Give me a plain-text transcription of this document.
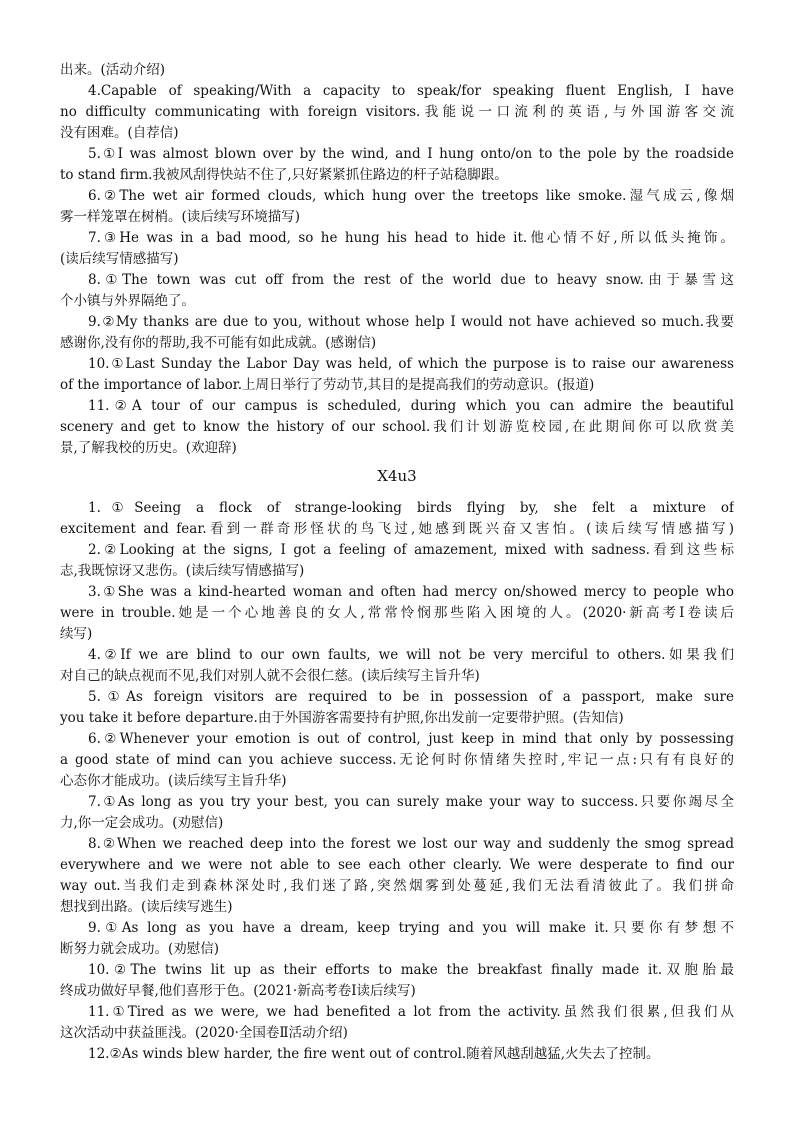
出来。(活动介绍)
4.Capable of speaking/With a capacity to speak/for speaking fluent English, I have
no difficulty communicating with foreign visitors.我能说一口流利的英语,与外国游客交流
没有困难。(自荐信)
5.①I was almost blown over by the wind, and I hung onto/on to the pole by the roadside
to stand firm.我被风刮得快站不住了,只好紧紧抓住路边的杆子站稳脚跟。
6.②The wet air formed clouds, which hung over the treetops like smoke.湿气成云,像烟
雾一样笼罩在树梢。(读后续写环境描写)
7.③He was in a bad mood, so he hung his head to hide it.他心情不好,所以低头掩饰。
(读后续写情感描写)
8.①The town was cut off from the rest of the world due to heavy snow.由于暴雪这
个小镇与外界隔绝了。
9.②My thanks are due to you, without whose help I would not have achieved so much.我要
感谢你,没有你的帮助,我不可能有如此成就。(感谢信)
10.①Last Sunday the Labor Day was held, of which the purpose is to raise our awareness
of the importance of labor.上周日举行了劳动节,其目的是提高我们的劳动意识。(报道)
11.②A tour of our campus is scheduled, during which you can admire the beautiful
scenery and get to know the history of our school.我们计划游览校园,在此期间你可以欣赏美
景,了解我校的历史。(欢迎辞)
X4u3
1.①Seeing a flock of strange-looking birds flying by, she felt a mixture of
excitement and fear.看到一群奇形怪状的鸟飞过,她感到既兴奋又害怕。(读后续写情感描写)
2.②Looking at the signs, I got a feeling of amazement, mixed with sadness.看到这些标
志,我既惊讶又悲伤。(读后续写情感描写)
3.①She was a kind-hearted woman and often had mercy on/showed mercy to people who
were in trouble.她是一个心地善良的女人,常常怜悯那些陷入困境的人。(2020·新高考Ⅰ卷读后
续写)
4.②If we are blind to our own faults, we will not be very merciful to others.如果我们
对自己的缺点视而不见,我们对别人就不会很仁慈。(读后续写主旨升华)
5.①As foreign visitors are required to be in possession of a passport, make sure
you take it before departure.由于外国游客需要持有护照,你出发前一定要带护照。(告知信)
6.②Whenever your emotion is out of control, just keep in mind that only by possessing
a good state of mind can you achieve success.无论何时你情绪失控时,牢记一点:只有有良好的
心态你才能成功。(读后续写主旨升华)
7.①As long as you try your best, you can surely make your way to success.只要你竭尽全
力,你一定会成功。(劝慰信)
8.②When we reached deep into the forest we lost our way and suddenly the smog spread
everywhere and we were not able to see each other clearly. We were desperate to find our
way out.当我们走到森林深处时,我们迷了路,突然烟雾到处蔓延,我们无法看清彼此了。我们拼命
想找到出路。(读后续写逃生)
9.①As long as you have a dream, keep trying and you will make it.只要你有梦想不
断努力就会成功。(劝慰信)
10.②The twins lit up as their efforts to make the breakfast finally made it.双胞胎最
终成功做好早餐,他们喜形于色。(2021·新高考卷Ⅰ读后续写)
11.①Tired as we were, we had benefited a lot from the activity.虽然我们很累,但我们从
这次活动中获益匪浅。(2020·全国卷Ⅱ活动介绍)
12.②As winds blew harder, the fire went out of control.随着风越刮越猛,火失去了控制。
